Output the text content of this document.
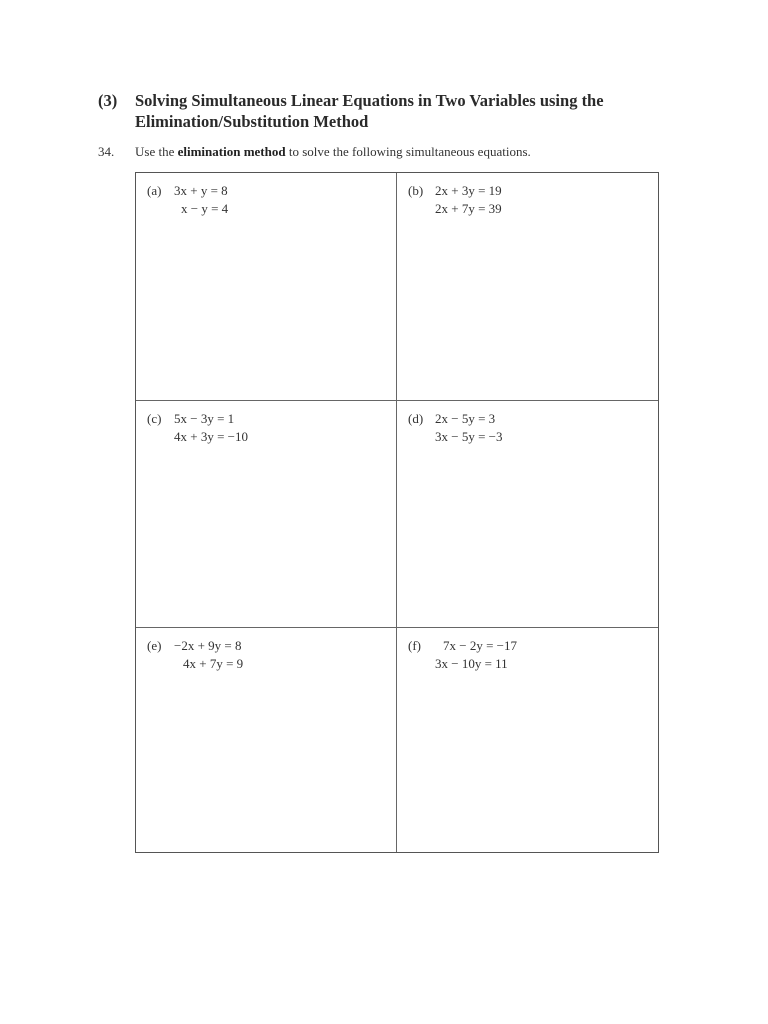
(3)	Solving Simultaneous Linear Equations in Two Variables using the
Elimination/Substitution Method
34. Use the elimination method to solve the following simultaneous equations.
(a) 3x + y = 8
x − y = 4
(b) 2x + 3y = 19
2x + 7y = 39
(c) 5x − 3y = 1
4x + 3y = −10
(d) 2x − 5y = 3
3x − 5y = −3
(e) −2x + 9y = 8
4x + 7y = 9
(f) 7x − 2y = −17
3x − 10y = 11
